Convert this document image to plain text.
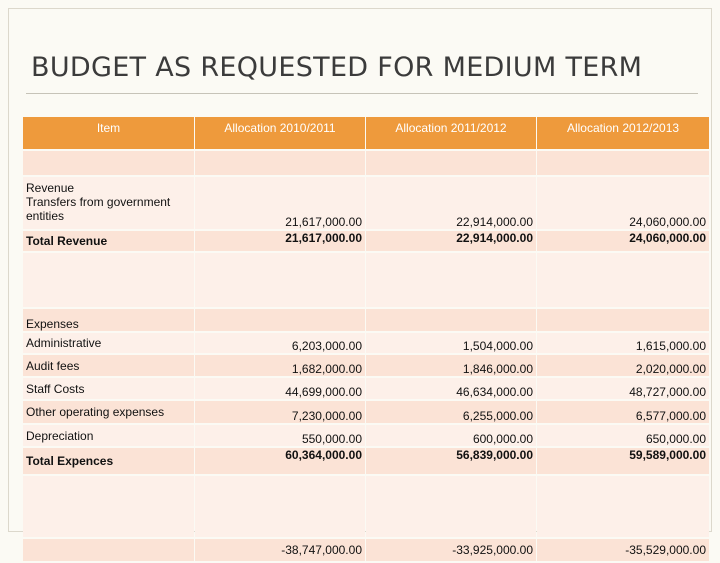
BUDGET AS REQUESTED FOR MEDIUM TERM
Item	Allocation 2010/2011	Allocation 2011/2012	Allocation 2012/2013

Revenue
Transfers from government entities	21,617,000.00	22,914,000.00	24,060,000.00
Total Revenue	21,617,000.00	22,914,000.00	24,060,000.00

Expenses			
Administrative	6,203,000.00	1,504,000.00	1,615,000.00
Audit fees	1,682,000.00	1,846,000.00	2,020,000.00
Staff Costs	44,699,000.00	46,634,000.00	48,727,000.00
Other operating expenses	7,230,000.00	6,255,000.00	6,577,000.00
Depreciation	550,000.00	600,000.00	650,000.00
Total Expences	60,364,000.00	56,839,000.00	59,589,000.00

	-38,747,000.00	-33,925,000.00	-35,529,000.00
